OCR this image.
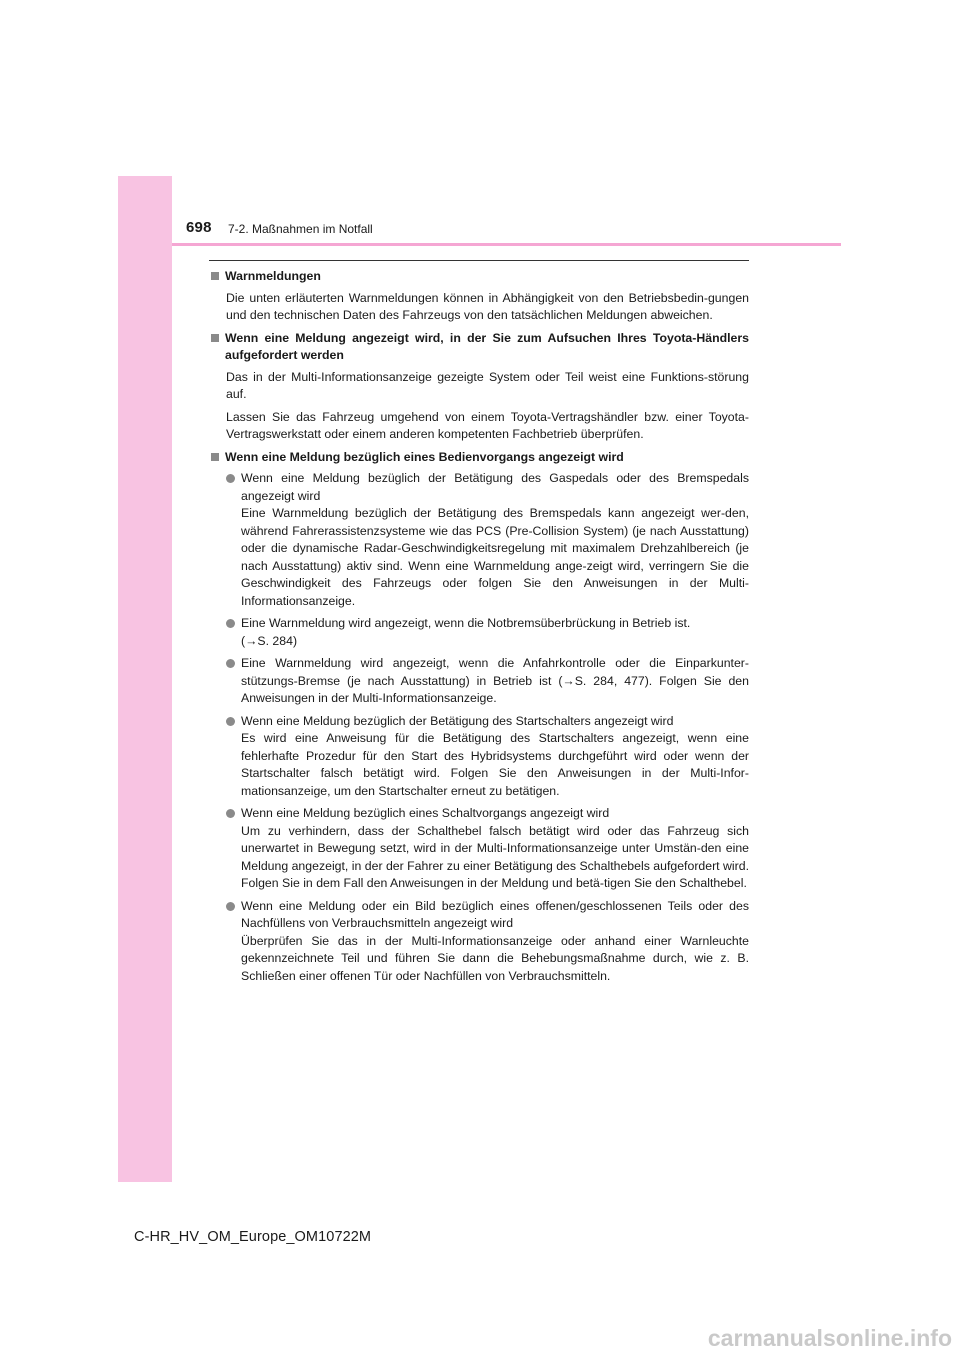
698 7-2. Maßnahmen im Notfall
Warnmeldungen

Die unten erläuterten Warnmeldungen können in Abhängigkeit von den Betriebsbedin-gungen und den technischen Daten des Fahrzeugs von den tatsächlichen Meldungen abweichen.

Wenn eine Meldung angezeigt wird, in der Sie zum Aufsuchen Ihres Toyota-Händlers aufgefordert werden

Das in der Multi-Informationsanzeige gezeigte System oder Teil weist eine Funktions-störung auf.

Lassen Sie das Fahrzeug umgehend von einem Toyota-Vertragshändler bzw. einer Toyota-Vertragswerkstatt oder einem anderen kompetenten Fachbetrieb überprüfen.

Wenn eine Meldung bezüglich eines Bedienvorgangs angezeigt wird
Wenn eine Meldung bezüglich der Betätigung des Gaspedals oder des Bremspedals angezeigt wird
Eine Warnmeldung bezüglich der Betätigung des Bremspedals kann angezeigt wer-den, während Fahrerassistenzsysteme wie das PCS (Pre-Collision System) (je nach Ausstattung) oder die dynamische Radar-Geschwindigkeitsregelung mit maximalem Drehzahlbereich (je nach Ausstattung) aktiv sind. Wenn eine Warnmeldung ange-zeigt wird, verringern Sie die Geschwindigkeit des Fahrzeugs oder folgen Sie den Anweisungen in der Multi-Informationsanzeige.
Eine Warnmeldung wird angezeigt, wenn die Notbremsüberbrückung in Betrieb ist.
(→S. 284)
Eine Warnmeldung wird angezeigt, wenn die Anfahrkontrolle oder die Einparkunter-stützungs-Bremse (je nach Ausstattung) in Betrieb ist (→S. 284, 477). Folgen Sie den Anweisungen in der Multi-Informationsanzeige.
Wenn eine Meldung bezüglich der Betätigung des Startschalters angezeigt wird
Es wird eine Anweisung für die Betätigung des Startschalters angezeigt, wenn eine fehlerhafte Prozedur für den Start des Hybridsystems durchgeführt wird oder wenn der Startschalter falsch betätigt wird. Folgen Sie den Anweisungen in der Multi-Infor-mationsanzeige, um den Startschalter erneut zu betätigen.
Wenn eine Meldung bezüglich eines Schaltvorgangs angezeigt wird
Um zu verhindern, dass der Schalthebel falsch betätigt wird oder das Fahrzeug sich unerwartet in Bewegung setzt, wird in der Multi-Informationsanzeige unter Umstän-den eine Meldung angezeigt, in der der Fahrer zu einer Betätigung des Schalthebels aufgefordert wird. Folgen Sie in dem Fall den Anweisungen in der Meldung und betä-tigen Sie den Schalthebel.
Wenn eine Meldung oder ein Bild bezüglich eines offenen/geschlossenen Teils oder des Nachfüllens von Verbrauchsmitteln angezeigt wird
Überprüfen Sie das in der Multi-Informationsanzeige oder anhand einer Warnleuchte gekennzeichnete Teil und führen Sie dann die Behebungsmaßnahme durch, wie z. B. Schließen einer offenen Tür oder Nachfüllen von Verbrauchsmitteln.
C-HR_HV_OM_Europe_OM10722M
carmanualsonline.info
